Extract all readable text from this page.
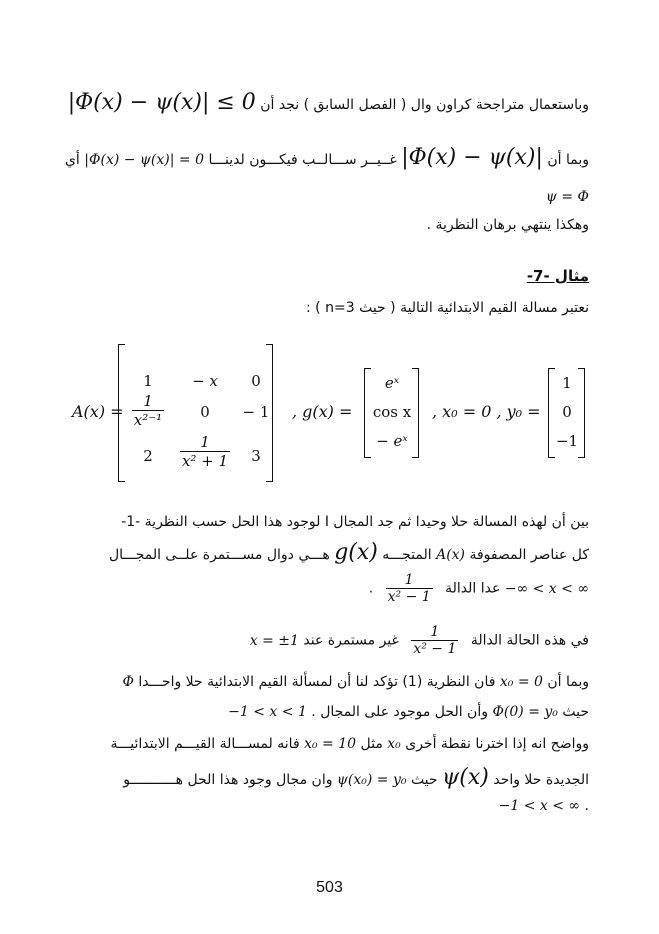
وباستعمال متراجحة كراون وال ( الفصل السابق ) نجد أن |Φ(x) − ψ(x)| ≤ 0
وبما أن |Φ(x) − ψ(x)| غــيــر ســـالــب فيكـــون لدينـــا |Φ(x) − ψ(x)| = 0 أي
ψ = Φ
وهكذا ينتهي برهان النظرية .
مثال -7-
نعتبر مسالة القيم الابتدائية التالية ( حيث n=3 ) :
A(x) =
1	− x	0
$\frac{1}{\text{x²⁻¹}}$	0	− 1
2	$\frac{1}{\text{x² + 1}}$	3
, g(x) =
eˣ
cos x
− eˣ
, x₀ = 0 , y₀ =
1
0
−1
بين أن لهذه المسالة حلا وحيدا ثم جد المجال I لوجود هذا الحل حسب النظرية -1-
كل عناصر المصفوفة A(x) المتجـــه g(x) هـــي دوال مســـتمرة علــى المجـــال
−∞ < x < ∞ عدا الدالة
$\frac{1}{\text{x² − 1}}$
.
في هذه الحالة الدالة
$\frac{1}{\text{x² − 1}}$
غير مستمرة عند x = ±1
وبما أن x₀ = 0 فان النظرية (1) تؤكد لنا أن لمسألة القيم الابتدائية حلا واحـــدا Φ
حيث Φ(0) = y₀ وأن الحل موجود على المجال −1 < x < 1 .
وواضح انه إذا اخترنا نقطة أخرى x₀ مثل x₀ = 10 فانه لمســـالة القيـــم الابتدائيـــة
الجديدة حلا واحد ψ(x) حيث ψ(x₀) = y₀ وان مجال وجود هذا الحل هـــــــــــو
−1 < x < ∞ .
503
